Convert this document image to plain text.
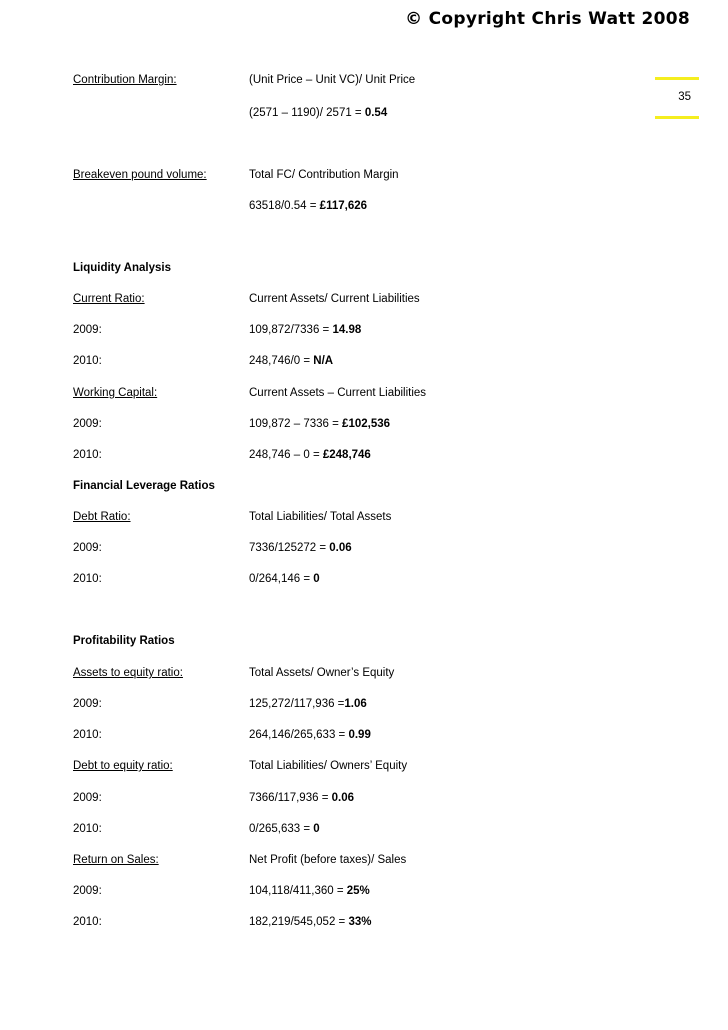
© Copyright Chris Watt 2008
35
Contribution Margin:	(Unit Price – Unit VC)/ Unit Price
(2571 – 1190)/ 2571 = 0.54
Breakeven pound volume:	Total FC/ Contribution Margin
63518/0.54 = £117,626
Liquidity Analysis
Current Ratio:	Current Assets/ Current Liabilities
2009:	109,872/7336 = 14.98
2010:	248,746/0 = N/A
Working Capital:	Current Assets – Current Liabilities
2009:	109,872 – 7336 = £102,536
2010:	248,746 – 0 = £248,746
Financial Leverage Ratios
Debt Ratio:	Total Liabilities/ Total Assets
2009:	7336/125272 = 0.06
2010:	0/264,146 = 0
Profitability Ratios
Assets to equity ratio:	Total Assets/ Owner’s Equity
2009:	125,272/117,936 =1.06
2010:	264,146/265,633 = 0.99
Debt to equity ratio:	Total Liabilities/ Owners’ Equity
2009:	7366/117,936 = 0.06
2010:	0/265,633 = 0
Return on Sales:	Net Profit (before taxes)/ Sales
2009:	104,118/411,360 = 25%
2010:	182,219/545,052 = 33%
